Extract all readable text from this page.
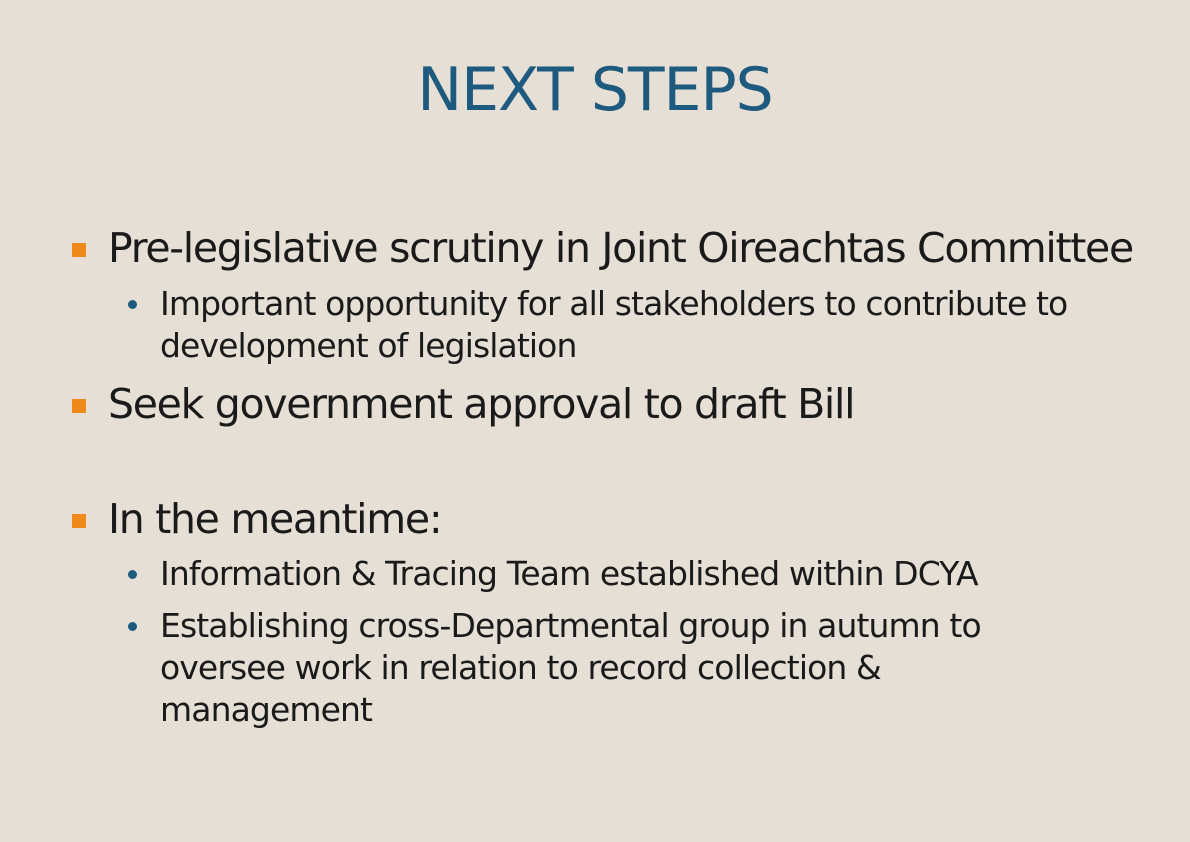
NEXT STEPS
Pre-legislative scrutiny in Joint Oireachtas Committee
Important opportunity for all stakeholders to contribute to
development of legislation
Seek government approval to draft Bill
In the meantime:
Information & Tracing Team established within DCYA
Establishing cross-Departmental group in autumn to
oversee work in relation to record collection &
management
